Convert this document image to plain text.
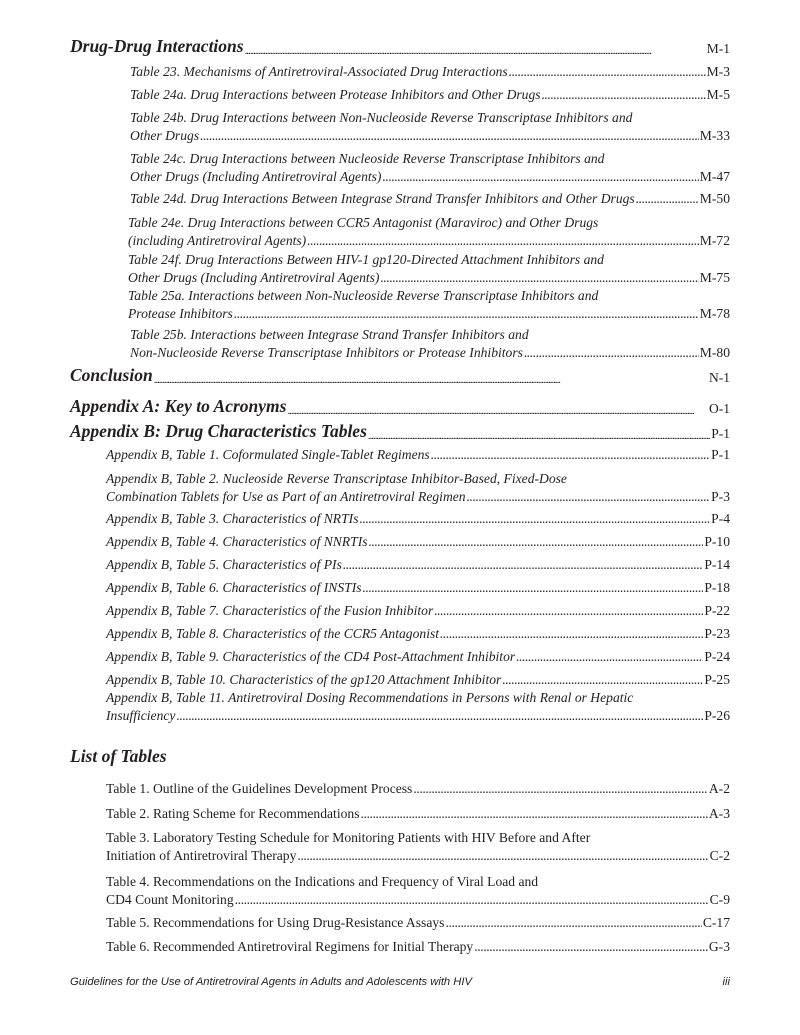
Drug-Drug Interactions . . .	M-1
Table 23. Mechanisms of Antiretroviral-Associated Drug Interactions . . .	M-3
Table 24a. Drug Interactions between Protease Inhibitors and Other Drugs . . .	M-5
Table 24b. Drug Interactions between Non-Nucleoside Reverse Transcriptase Inhibitors and
Other Drugs . . .	M-33
Table 24c. Drug Interactions between Nucleoside Reverse Transcriptase Inhibitors and
Other Drugs (Including Antiretroviral Agents) . . .	M-47
Table 24d. Drug Interactions Between Integrase Strand Transfer Inhibitors and Other Drugs . . .	M-50
Table 24e. Drug Interactions between CCR5 Antagonist (Maraviroc) and Other Drugs
(including Antiretroviral Agents) . . .	M-72
Table 24f. Drug Interactions Between HIV-1 gp120-Directed Attachment Inhibitors and
Other Drugs (Including Antiretroviral Agents) . . .	M-75
Table 25a. Interactions between Non-Nucleoside Reverse Transcriptase Inhibitors and
Protease Inhibitors . . .	M-78
Table 25b. Interactions between Integrase Strand Transfer Inhibitors and
Non-Nucleoside Reverse Transcriptase Inhibitors or Protease Inhibitors . . .	M-80
Conclusion . . .	N-1
Appendix A: Key to Acronyms . . .	O-1
Appendix B: Drug Characteristics Tables . . .	P-1
Appendix B, Table 1. Coformulated Single-Tablet Regimens . . .	P-1
Appendix B, Table 2. Nucleoside Reverse Transcriptase Inhibitor-Based, Fixed-Dose
Combination Tablets for Use as Part of an Antiretroviral Regimen . . .	P-3
Appendix B, Table 3. Characteristics of NRTIs . . .	P-4
Appendix B, Table 4. Characteristics of NNRTIs . . .	P-10
Appendix B, Table 5. Characteristics of PIs . . .	P-14
Appendix B, Table 6. Characteristics of INSTIs . . .	P-18
Appendix B, Table 7. Characteristics of the Fusion Inhibitor . . .	P-22
Appendix B, Table 8. Characteristics of the CCR5 Antagonist . . .	P-23
Appendix B, Table 9. Characteristics of the CD4 Post-Attachment Inhibitor . . .	P-24
Appendix B, Table 10. Characteristics of the gp120 Attachment Inhibitor . . .	P-25
Appendix B, Table 11. Antiretroviral Dosing Recommendations in Persons with Renal or Hepatic
Insufficiency . . .	P-26
List of Tables
Table 1. Outline of the Guidelines Development Process . . .	A-2
Table 2. Rating Scheme for Recommendations . . .	A-3
Table 3. Laboratory Testing Schedule for Monitoring Patients with HIV Before and After
Initiation of Antiretroviral Therapy . . .	C-2
Table 4. Recommendations on the Indications and Frequency of Viral Load and
CD4 Count Monitoring . . .	C-9
Table 5. Recommendations for Using Drug-Resistance Assays . . .	C-17
Table 6. Recommended Antiretroviral Regimens for Initial Therapy . . .	G-3
Guidelines for the Use of Antiretroviral Agents in Adults and Adolescents with HIV	iii
